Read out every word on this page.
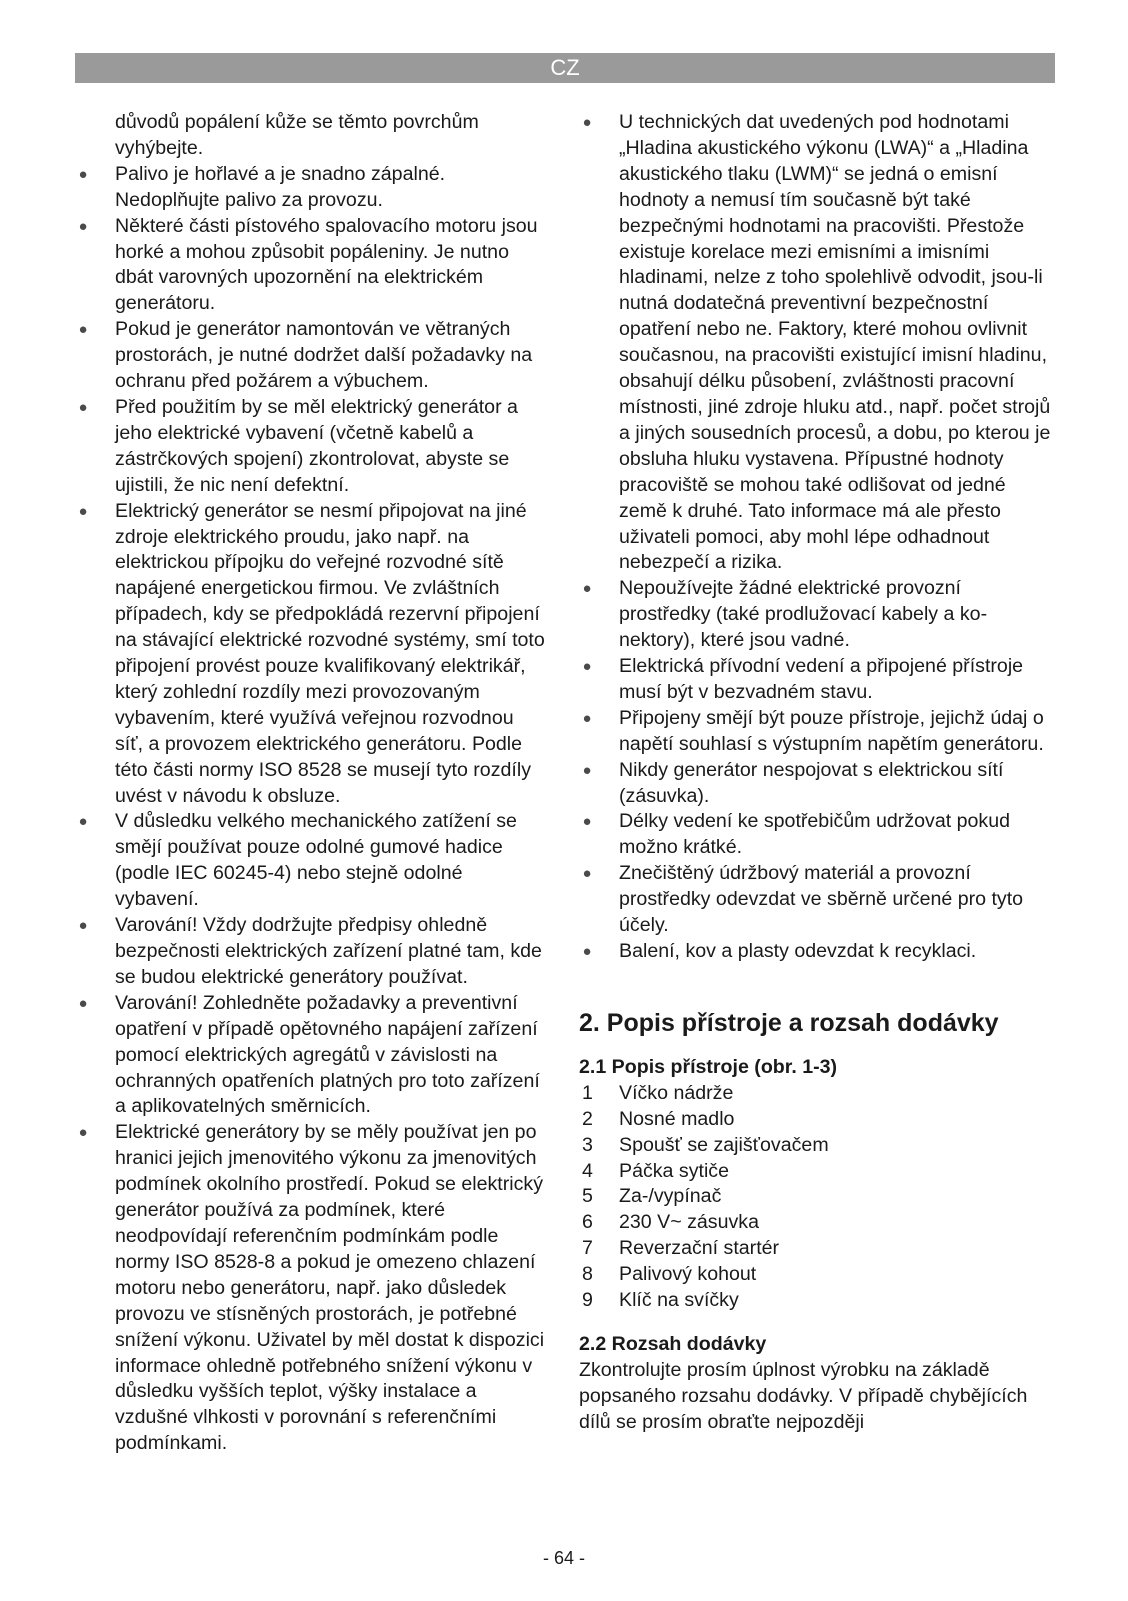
CZ
důvodů popálení kůže se těmto povrchům vyhýbejte.
● Palivo je hořlavé a je snadno zápalné. Nedoplňujte palivo za provozu.
● Některé části pístového spalovacího motoru jsou horké a mohou způsobit popáleniny. Je nutno dbát varovných upozornění na elektrickém generátoru.
● Pokud je generátor namontován ve větraných prostorách, je nutné dodržet další požadavky na ochranu před požárem a výbuchem.
● Před použitím by se měl elektrický generátor a jeho elektrické vybavení (včetně kabelů a zástrčkových spojení) zkontrolovat, abyste se ujistili, že nic není defektní.
● Elektrický generátor se nesmí připojovat na jiné zdroje elektrického proudu, jako např. na elektrickou přípojku do veřejné rozvodné sítě napájené energetickou firmou. Ve zvláštních případech, kdy se předpokládá rezervní připojení na stávající elektrické rozvodné systémy, smí toto připojení provést pouze kvalifikovaný elektrikář, který zohlední rozdíly mezi provozovaným vybavením, které využívá veřejnou rozvodnou síť, a provozem elektrického generátoru. Podle této části normy ISO 8528 se musejí tyto rozdíly uvést v návodu k obsluze.
● V důsledku velkého mechanického zatížení se smějí používat pouze odolné gumové hadice (podle IEC 60245-4) nebo stejně odolné vybavení.
● Varování! Vždy dodržujte předpisy ohledně bezpečnosti elektrických zařízení platné tam, kde se budou elektrické generátory používat.
● Varování! Zohledněte požadavky a preventivní opatření v případě opětovného napájení zařízení pomocí elektrických agregátů v závislosti na ochranných opatřeních platných pro toto zařízení a aplikovatelných směrnicích.
● Elektrické generátory by se měly používat jen po hranici jejich jmenovitého výkonu za jmenovitých podmínek okolního prostředí. Pokud se elektrický generátor používá za podmínek, které neodpovídají referenčním podmínkám podle normy ISO 8528-8 a pokud je omezeno chlazení motoru nebo generátoru, např. jako důsledek provozu ve stísněných prostorách, je potřebné snížení výkonu. Uživatel by měl dostat k dispozici informace ohledně potřebného snížení výkonu v důsledku vyšších teplot, výšky instalace a vzdušné vlhkosti v porovnání s referenčními podmínkami.
● U technických dat uvedených pod hodnotami „Hladina akustického výkonu (LWA)“ a „Hladina akustického tlaku (LWM)“ se jedná o emisní hodnoty a nemusí tím současně být také bezpečnými hodnotami na pracovišti. Přestože existuje korelace mezi emisními a imisními hladinami, nelze z toho spolehlivě odvodit, jsou-li nutná dodatečná preventivní bezpečnostní opatření nebo ne. Faktory, které mohou ovlivnit současnou, na pracovišti existující imisní hladinu, obsahují délku působení, zvláštnosti pracovní místnosti, jiné zdroje hluku atd., např. počet strojů a jiných sousedních procesů, a dobu, po kterou je obsluha hluku vystavena. Přípustné hodnoty pracoviště se mohou také odlišovat od jedné země k druhé. Tato informace má ale přesto uživateli pomoci, aby mohl lépe odhadnout nebezpečí a rizika.
● Nepoužívejte žádné elektrické provozní prostředky (také prodlužovací kabely a ko- nektory), které jsou vadné.
● Elektrická přívodní vedení a připojené přístroje musí být v bezvadném stavu.
● Připojeny smějí být pouze přístroje, jejichž údaj o napětí souhlasí s výstupním napětím generátoru.
● Nikdy generátor nespojovat s elektrickou sítí (zásuvka).
● Délky vedení ke spotřebičům udržovat pokud možno krátké.
● Znečištěný údržbový materiál a provozní prostředky odevzdat ve sběrně určené pro tyto účely.
● Balení, kov a plasty odevzdat k recyklaci.
2. Popis přístroje a rozsah dodávky
2.1 Popis přístroje (obr. 1-3)
1 Víčko nádrže
2 Nosné madlo
3 Spoušť se zajišťovačem
4 Páčka sytiče
5 Za-/vypínač
6 230 V~ zásuvka
7 Reverzační startér
8 Palivový kohout
9 Klíč na svíčky
2.2 Rozsah dodávky

Zkontrolujte prosím úplnost výrobku na základě popsaného rozsahu dodávky. V případě chybějících dílů se prosím obraťte nejpozději

- 64 -
